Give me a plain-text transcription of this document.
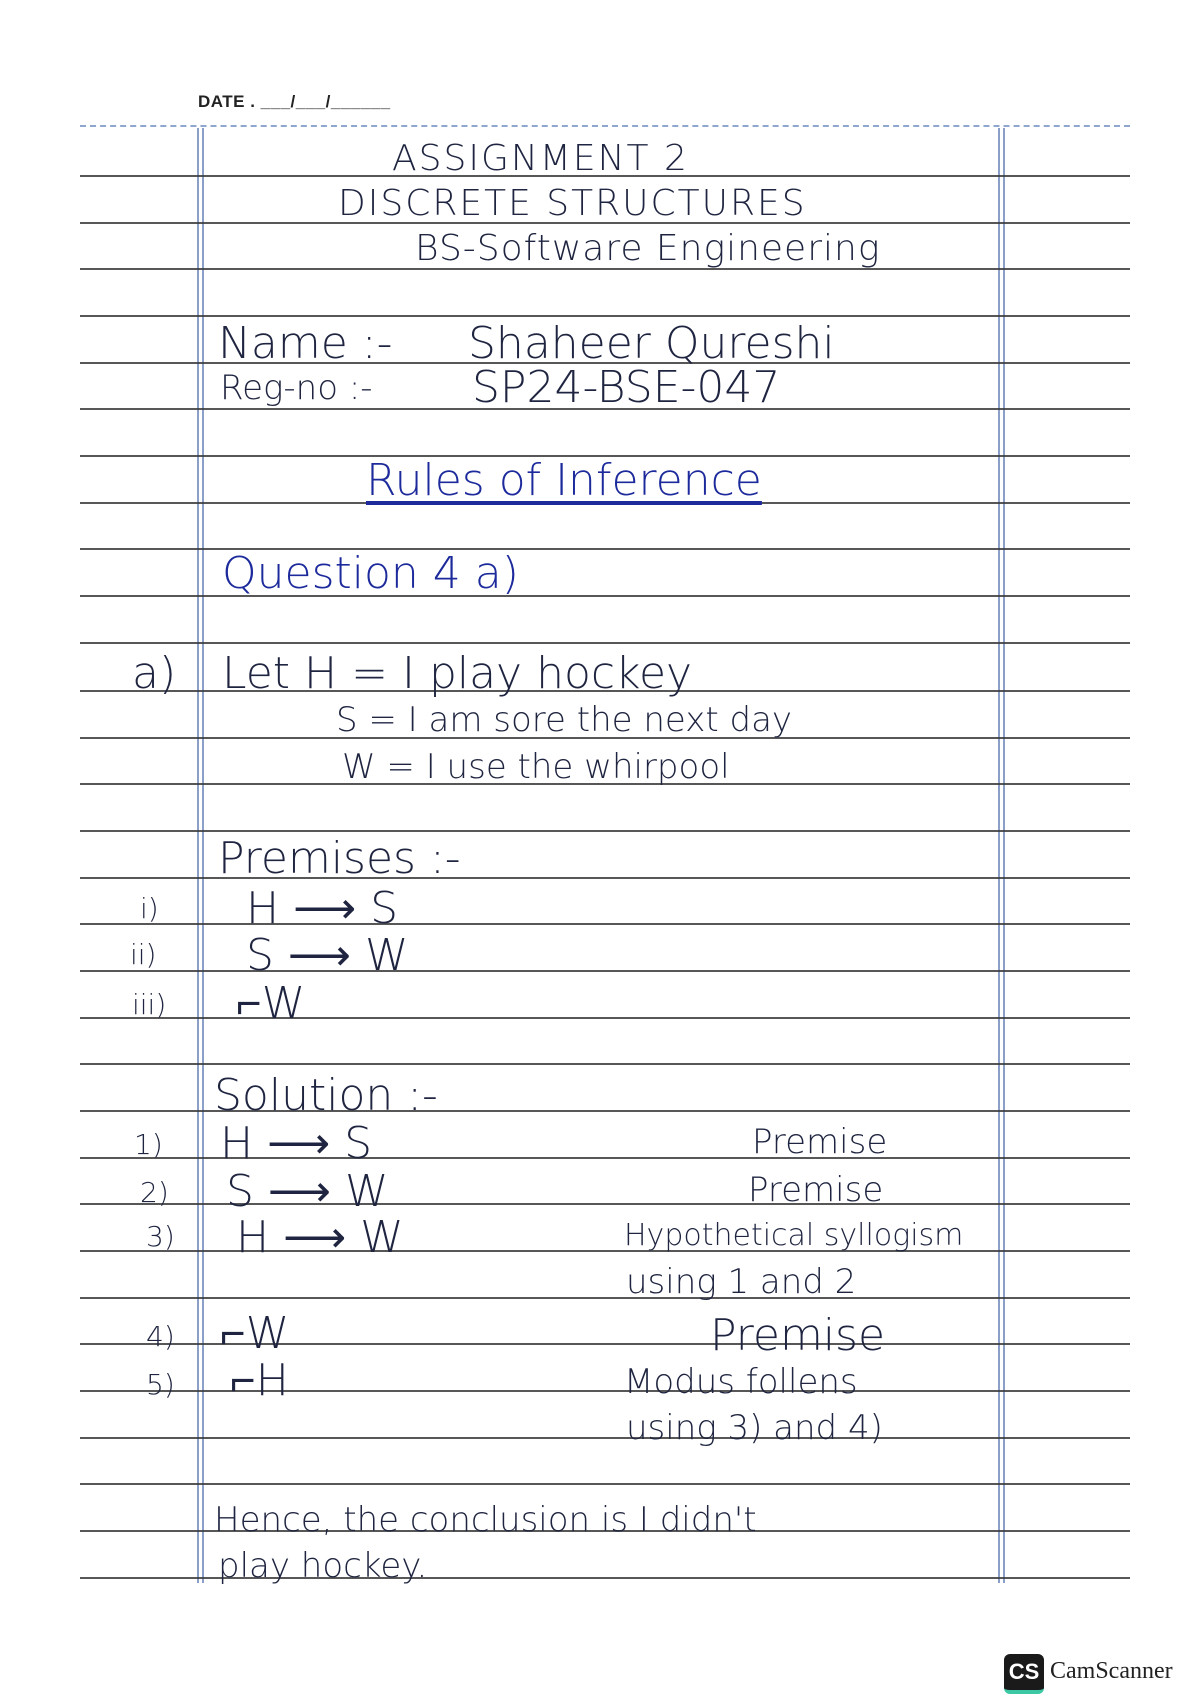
DATE . ___/___/______
ASSIGNMENT 2
DISCRETE STRUCTURES
BS-Software Engineering
Name :- Shaheer Qureshi
Reg-no :- SP24-BSE-047
Rules of Inference
Question 4 a)
a) Let H = I play hockey
S = I am sore the next day
W = I use the whirpool
Premises :-
i) H ⟶ S
ii) S ⟶ W
iii) ⌐W
Solution :-
1) H ⟶ S	Premise
2) S ⟶ W	Premise
3) H ⟶ W	Hypothetical syllogism
using 1 and 2
4) ⌐W	Premise
5) ⌐H	Modus follens
using 3) and 4)
Hence, the conclusion is I didn't
play hockey.
CS CamScanner
